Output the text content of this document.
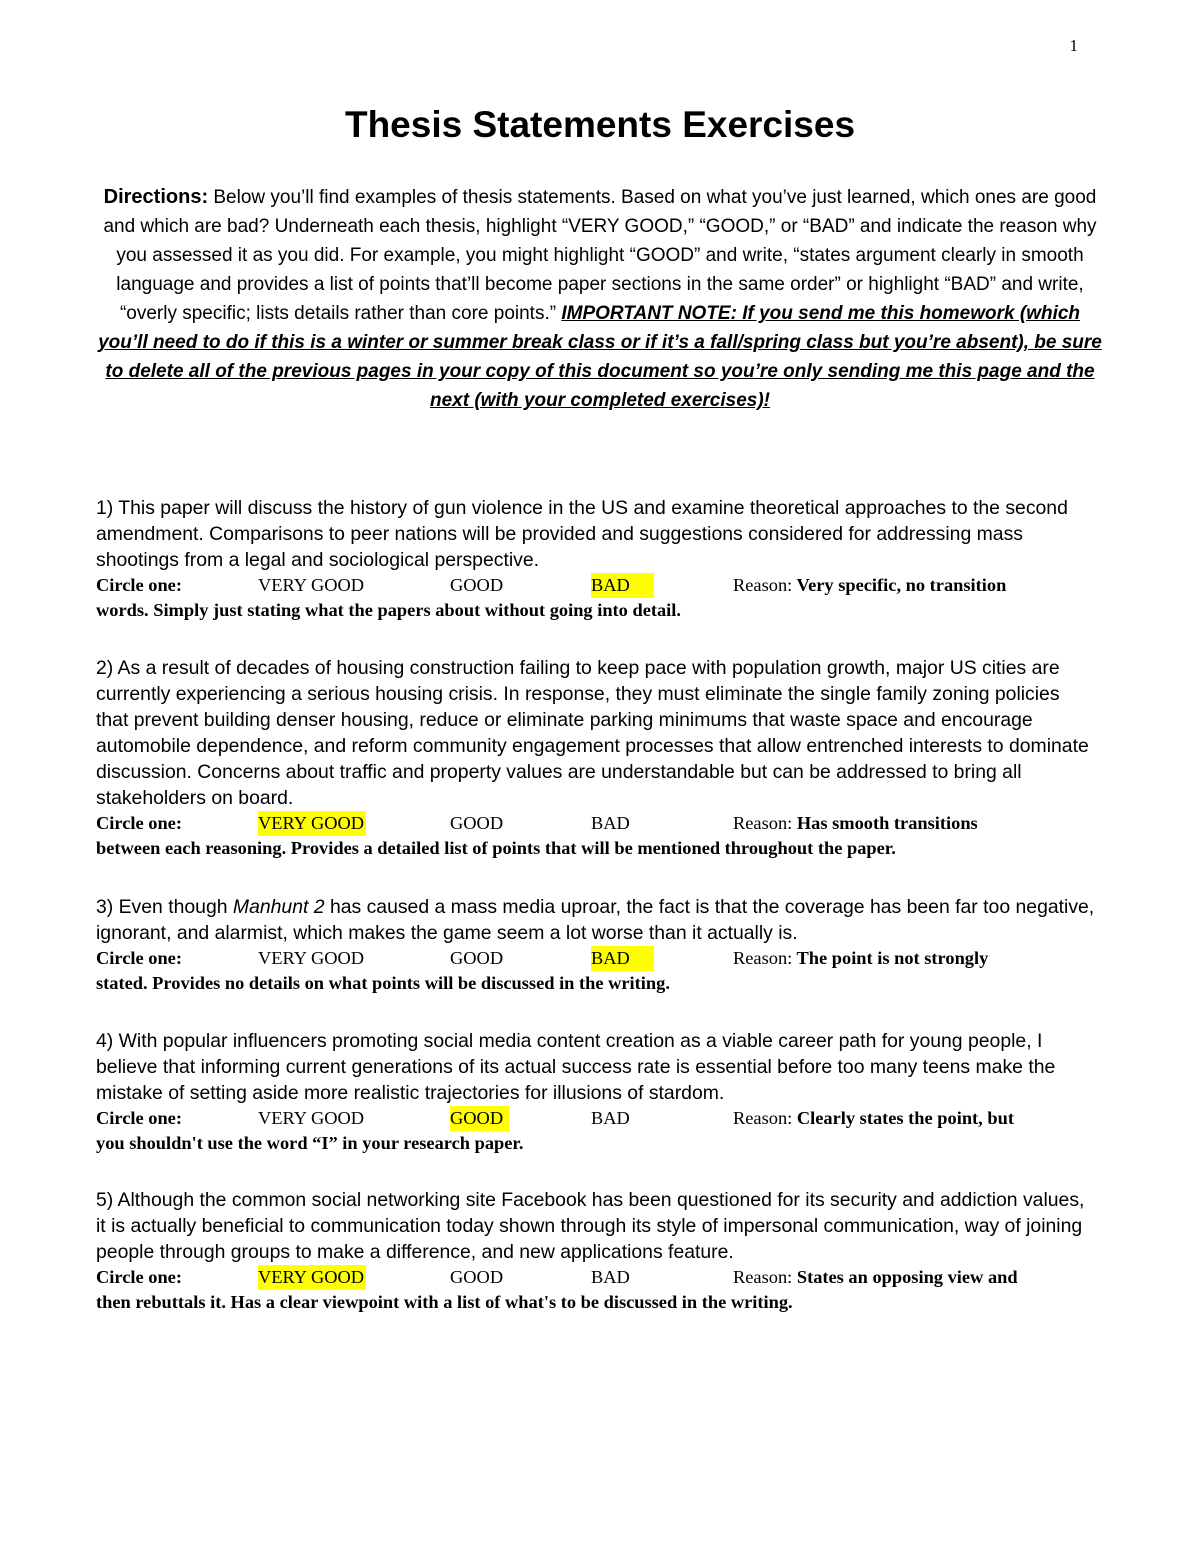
1
Thesis Statements Exercises
Directions: Below you’ll find examples of thesis statements. Based on what you’ve just learned, which ones are good and which are bad? Underneath each thesis, highlight “VERY GOOD,” “GOOD,” or “BAD” and indicate the reason why you assessed it as you did. For example, you might highlight “GOOD” and write, “states argument clearly in smooth language and provides a list of points that’ll become paper sections in the same order” or highlight “BAD” and write, “overly specific; lists details rather than core points.” IMPORTANT NOTE: If you send me this homework (which you’ll need to do if this is a winter or summer break class or if it’s a fall/spring class but you’re absent), be sure to delete all of the previous pages in your copy of this document so you’re only sending me this page and the next (with your completed exercises)!

1) This paper will discuss the history of gun violence in the US and examine theoretical approaches to the second amendment. Comparisons to peer nations will be provided and suggestions considered for addressing mass shootings from a legal and sociological perspective.

Circle one:	VERY GOOD	GOOD	BAD	Reason: Very specific, no transition
words. Simply just stating what the papers about without going into detail.

2) As a result of decades of housing construction failing to keep pace with population growth, major US cities are currently experiencing a serious housing crisis. In response, they must eliminate the single family zoning policies that prevent building denser housing, reduce or eliminate parking minimums that waste space and encourage automobile dependence, and reform community engagement processes that allow entrenched interests to dominate discussion. Concerns about traffic and property values are understandable but can be addressed to bring all stakeholders on board.

Circle one:	VERY GOOD	GOOD	BAD	Reason: Has smooth transitions
between each reasoning. Provides a detailed list of points that will be mentioned throughout the paper.

3) Even though Manhunt 2 has caused a mass media uproar, the fact is that the coverage has been far too negative, ignorant, and alarmist, which makes the game seem a lot worse than it actually is.

Circle one:	VERY GOOD	GOOD	BAD	Reason: The point is not strongly
stated. Provides no details on what points will be discussed in the writing.

4) With popular influencers promoting social media content creation as a viable career path for young people, I believe that informing current generations of its actual success rate is essential before too many teens make the mistake of setting aside more realistic trajectories for illusions of stardom.

Circle one:	VERY GOOD	GOOD	BAD	Reason: Clearly states the point, but
you shouldn't use the word “I” in your research paper.

5) Although the common social networking site Facebook has been questioned for its security and addiction values, it is actually beneficial to communication today shown through its style of impersonal communication, way of joining people through groups to make a difference, and new applications feature.

Circle one:	VERY GOOD	GOOD	BAD	Reason: States an opposing view and
then rebuttals it. Has a clear viewpoint with a list of what's to be discussed in the writing.
